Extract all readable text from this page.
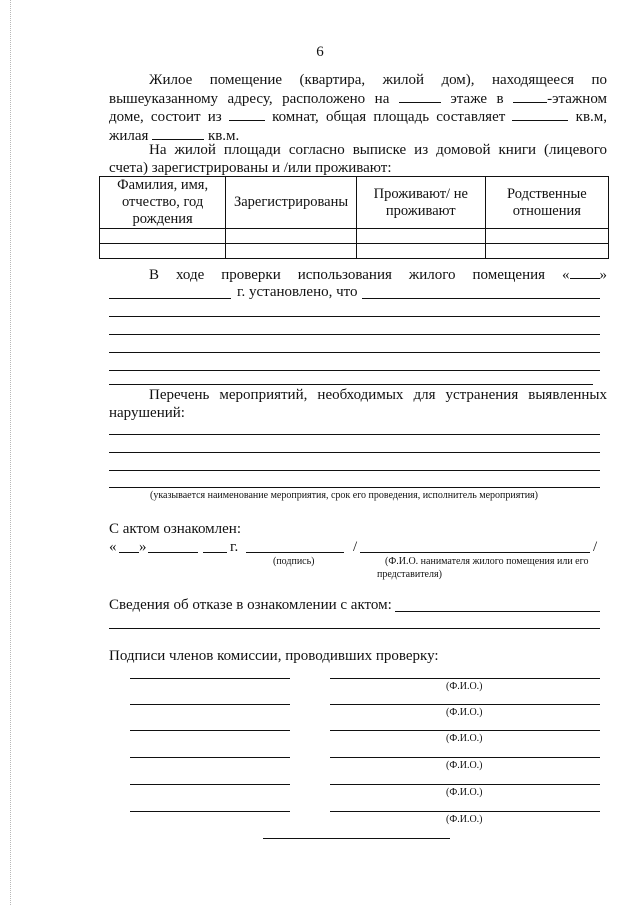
6
Жилое помещение (квартира, жилой дом), находящееся по
вышеуказанному адресу, расположено на	этаже в	-этажном
доме, состоит из	комнат, общая площадь составляет	кв.м,
жилая	кв.м.
На жилой площади согласно выписке из домовой книги (лицевого
счета) зарегистрированы и /или проживают:
Фамилия, имя, отчество, год рождения	Зарегистрированы	Проживают/ не проживают	Родственные отношения

В ходе проверки использования жилого помещения « »
г. установлено, что
Перечень мероприятий, необходимых для устранения выявленных
нарушений:
(указывается наименование мероприятия, срок его проведения, исполнитель мероприятия)
С актом ознакомлен:
« »	г.	/	/
(подпись)	(Ф.И.О. нанимателя жилого помещения или его
представителя)
Сведения об отказе в ознакомлении с актом:
Подписи членов комиссии, проводивших проверку:
(Ф.И.О.)
(Ф.И.О.)
(Ф.И.О.)
(Ф.И.О.)
(Ф.И.О.)
(Ф.И.О.)
